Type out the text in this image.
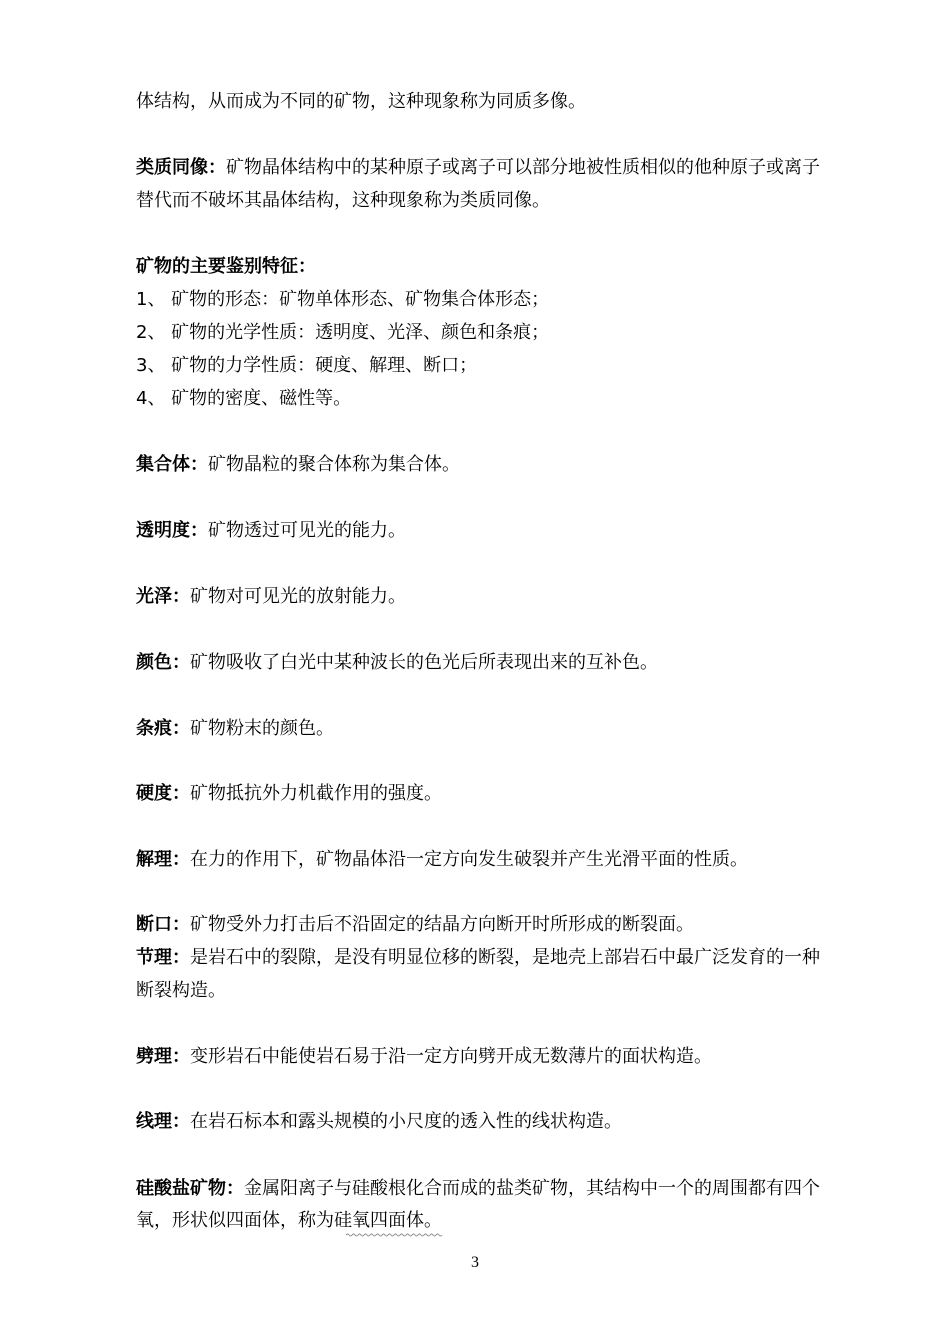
体结构，从而成为不同的矿物，这种现象称为同质多像。
类质同像：矿物晶体结构中的某种原子或离子可以部分地被性质相似的他种原子或离子
替代而不破坏其晶体结构，这种现象称为类质同像。
矿物的主要鉴别特征：
1、 矿物的形态：矿物单体形态、矿物集合体形态；
2、 矿物的光学性质：透明度、光泽、颜色和条痕；
3、 矿物的力学性质：硬度、解理、断口；
4、 矿物的密度、磁性等。
集合体：矿物晶粒的聚合体称为集合体。
透明度：矿物透过可见光的能力。
光泽：矿物对可见光的放射能力。
颜色：矿物吸收了白光中某种波长的色光后所表现出来的互补色。
条痕：矿物粉末的颜色。
硬度：矿物抵抗外力机截作用的强度。
解理：在力的作用下，矿物晶体沿一定方向发生破裂并产生光滑平面的性质。
断口：矿物受外力打击后不沿固定的结晶方向断开时所形成的断裂面。
节理：是岩石中的裂隙，是没有明显位移的断裂，是地壳上部岩石中最广泛发育的一种
断裂构造。
劈理：变形岩石中能使岩石易于沿一定方向劈开成无数薄片的面状构造。
线理：在岩石标本和露头规模的小尺度的透入性的线状构造。
硅酸盐矿物：金属阳离子与硅酸根化合而成的盐类矿物，其结构中一个的周围都有四个
氧，形状似四面体，称为硅氧四面体。
3
